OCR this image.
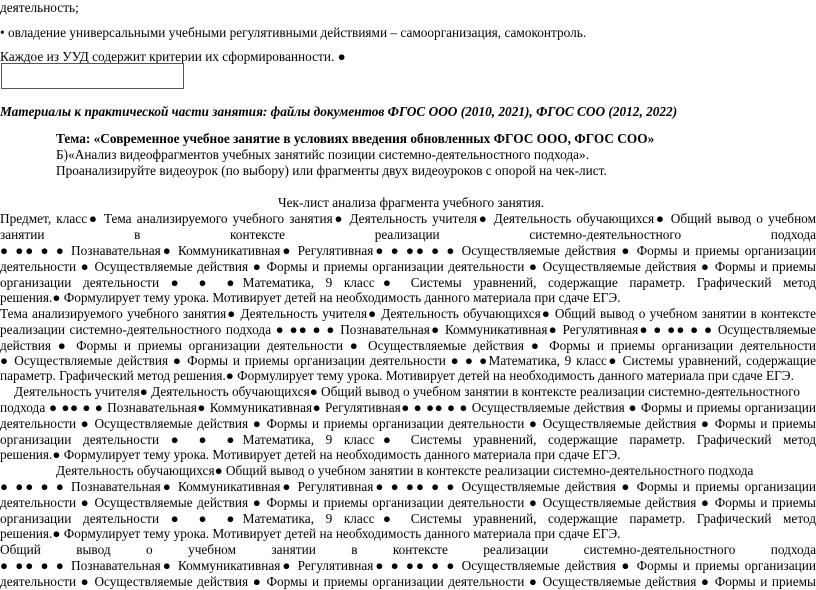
деятельность;
• овладение универсальными учебными регулятивными действиями – самоорганизация, самоконтроль.
Каждое из УУД содержит критерии их сформированности. ●
Материалы к практической части занятия: файлы документов ФГОС ООО (2010, 2021), ФГОС СОО (2012, 2022)
Тема: «Современное учебное занятие в условиях введения обновленных ФГОС ООО, ФГОС СОО»
Б)«Анализ видеофрагментов учебных занятийс позиции системно-деятельностного подхода».
Проанализируйте видеоурок (по выбору) или фрагменты двух видеоуроков с опорой на чек-лист.
Чек-лист анализа фрагмента учебного занятия.
Предмет, класс● Тема анализируемого учебного занятия● Деятельность учителя● Деятельность обучающихся● Общий вывод о учебном
занятии в контексте реализации системно-деятельностного подхода
● ●● ● ● Познавательная● Коммуникативная● Регулятивная● ● ●● ● ● Осуществляемые действия ● Формы и приемы организации
деятельности ● Осуществляемые действия ● Формы и приемы организации деятельности ● Осуществляемые действия ● Формы и приемы
организации деятельности ● ● ●Математика, 9 класс● Системы уравнений, содержащие параметр. Графический метод
решения.● Формулирует тему урока. Мотивирует детей на необходимость данного материала при сдаче ЕГЭ.
Тема анализируемого учебного занятия● Деятельность учителя● Деятельность обучающихся● Общий вывод о учебном занятии в контексте
реализации системно-деятельностного подхода ● ●● ● ● Познавательная● Коммуникативная● Регулятивная● ● ●● ● ● Осуществляемые
действия ● Формы и приемы организации деятельности ● Осуществляемые действия ● Формы и приемы организации деятельности
● Осуществляемые действия ● Формы и приемы организации деятельности ● ● ●Математика, 9 класс● Системы уравнений, содержащие
параметр. Графический метод решения.● Формулирует тему урока. Мотивирует детей на необходимость данного материала при сдаче ЕГЭ.
Деятельность учителя● Деятельность обучающихся● Общий вывод о учебном занятии в контексте реализации системно-деятельностного
подхода ● ●● ● ● Познавательная● Коммуникативная● Регулятивная● ● ●● ● ● Осуществляемые действия ● Формы и приемы организации
деятельности ● Осуществляемые действия ● Формы и приемы организации деятельности ● Осуществляемые действия ● Формы и приемы
организации деятельности ● ● ●Математика, 9 класс● Системы уравнений, содержащие параметр. Графический метод
решения.● Формулирует тему урока. Мотивирует детей на необходимость данного материала при сдаче ЕГЭ.
Деятельность обучающихся● Общий вывод о учебном занятии в контексте реализации системно-деятельностного подхода
● ●● ● ● Познавательная● Коммуникативная● Регулятивная● ● ●● ● ● Осуществляемые действия ● Формы и приемы организации
деятельности ● Осуществляемые действия ● Формы и приемы организации деятельности ● Осуществляемые действия ● Формы и приемы
организации деятельности ● ● ●Математика, 9 класс● Системы уравнений, содержащие параметр. Графический метод
решения.● Формулирует тему урока. Мотивирует детей на необходимость данного материала при сдаче ЕГЭ.
Общий вывод о учебном занятии в контексте реализации системно-деятельностного подхода
● ●● ● ● Познавательная● Коммуникативная● Регулятивная● ● ●● ● ● Осуществляемые действия ● Формы и приемы организации
деятельности ● Осуществляемые действия ● Формы и приемы организации деятельности ● Осуществляемые действия ● Формы и приемы
